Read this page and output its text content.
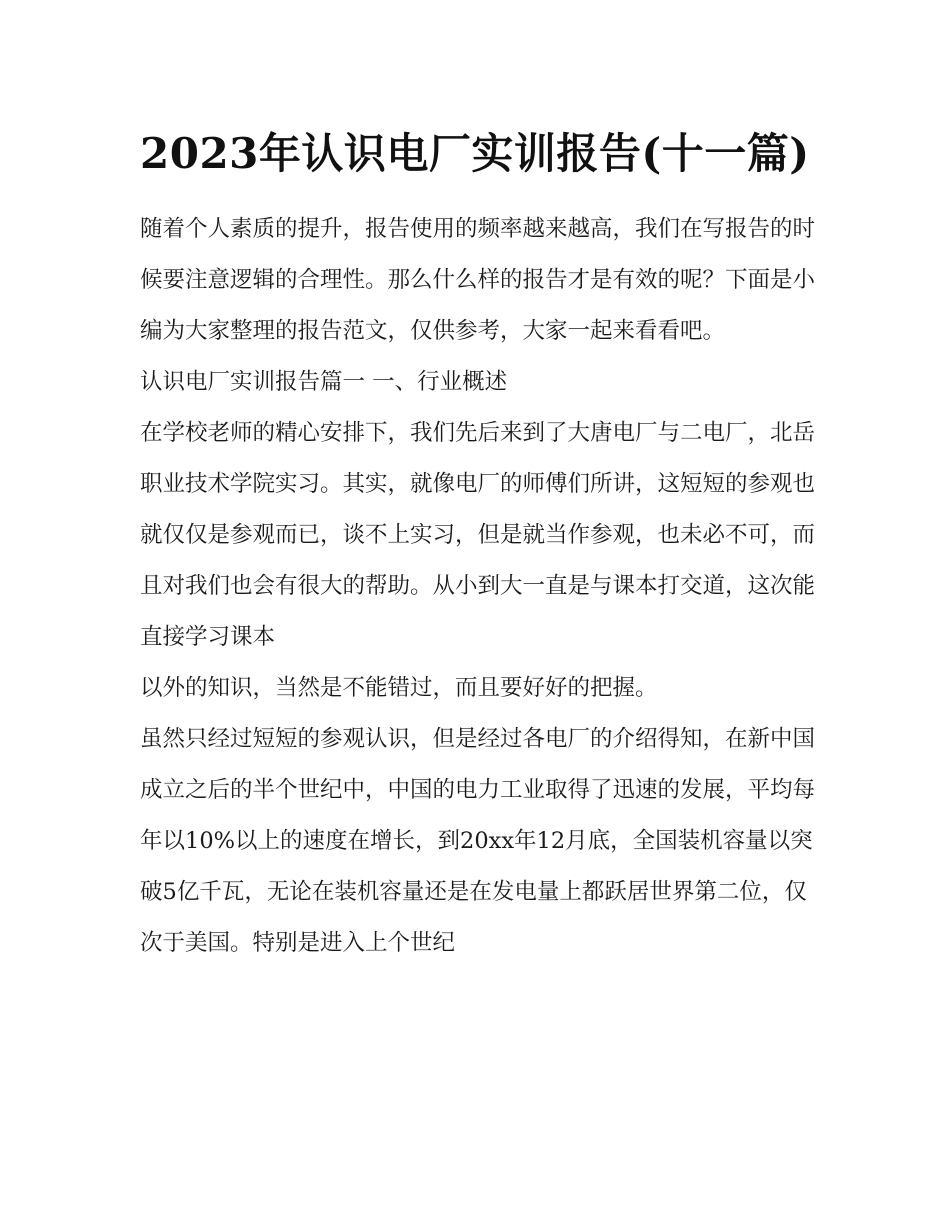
2023年认识电厂实训报告(十一篇)

随着个人素质的提升，报告使用的频率越来越高，我们在写报告的时候要注意逻辑的合理性。那么什么样的报告才是有效的呢？下面是小编为大家整理的报告范文，仅供参考，大家一起来看看吧。

认识电厂实训报告篇一 一、行业概述

在学校老师的精心安排下，我们先后来到了大唐电厂与二电厂，北岳职业技术学院实习。其实，就像电厂的师傅们所讲，这短短的参观也就仅仅是参观而已，谈不上实习，但是就当作参观，也未必不可，而且对我们也会有很大的帮助。从小到大一直是与课本打交道，这次能直接学习课本

以外的知识，当然是不能错过，而且要好好的把握。

虽然只经过短短的参观认识，但是经过各电厂的介绍得知，在新中国成立之后的半个世纪中，中国的电力工业取得了迅速的发展，平均每年以10%以上的速度在增长，到20xx年12月底，全国装机容量以突破5亿千瓦，无论在装机容量还是在发电量上都跃居世界第二位，仅次于美国。特别是进入上个世纪
